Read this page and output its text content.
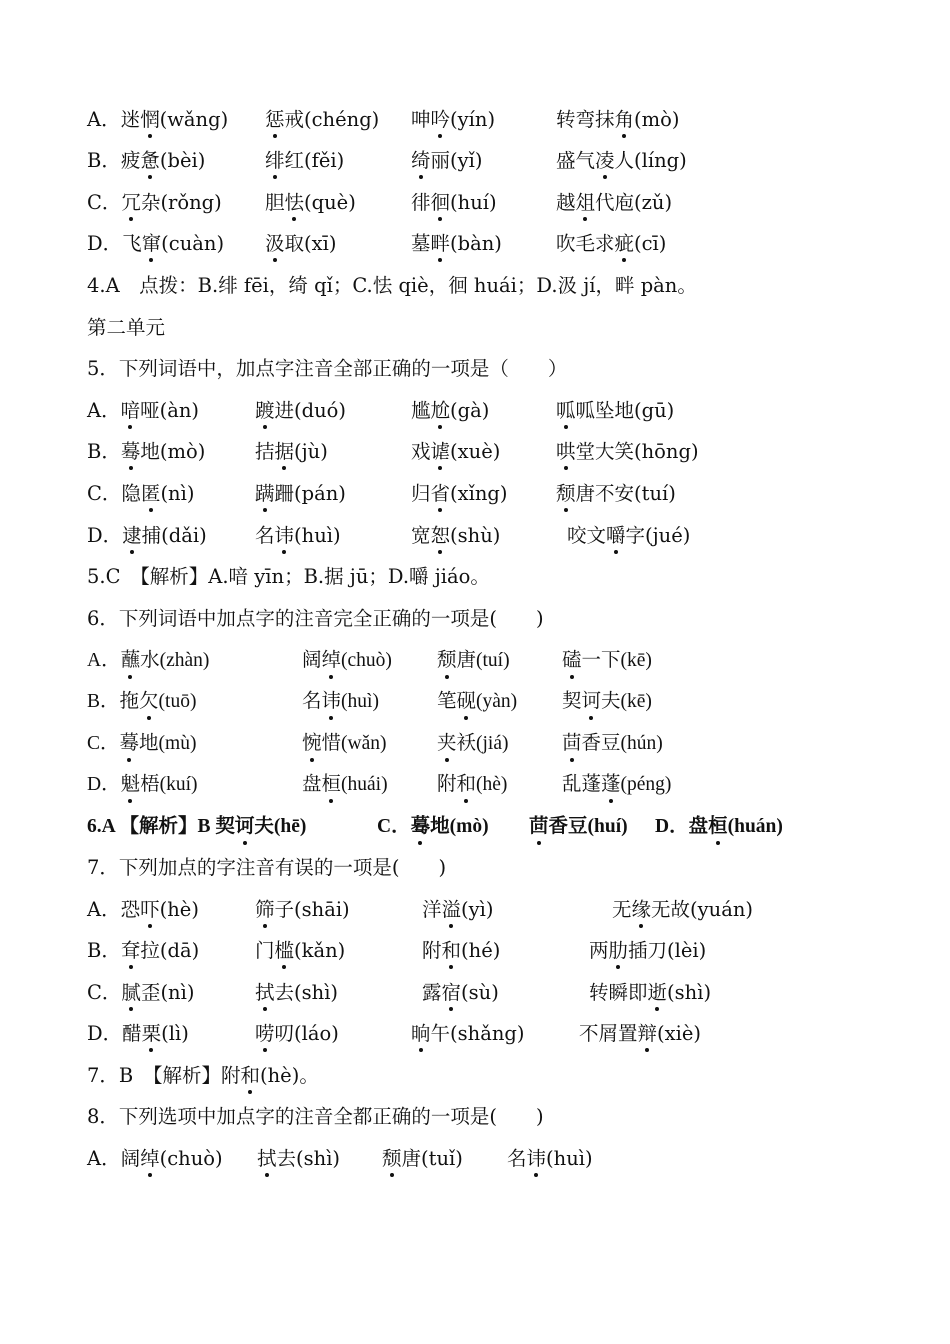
A．迷惘(wǎng) 惩戒(chéng) 呻吟(yín)	转弯抹角(mò)
B．疲惫(bèi)	绯红(fěi)	绮丽(yǐ)	盛气凌人(líng)
C．冗杂(rǒng) 胆怯(què)	徘徊(huí)	越俎代庖(zǔ)
D．飞窜(cuàn) 汲取(xī)	墓畔(bàn)	吹毛求疵(cī)
4.A　点拨：B.绯 fēi，绮 qǐ；C.怯 qiè，徊 huái；D.汲 jí，畔 pàn。
第二单元
5．下列词语中，加点字注音全部正确的一项是（　　）
A．喑哑(àn)	踱进(duó)	尴尬(gà)	呱呱坠地(gū)
B．蓦地(mò)	拮据(jù)	戏谑(xuè)	哄堂大笑(hōng)
C．隐匿(nì)	蹒跚(pán)	归省(xǐng) 颓唐不安(tuí)
D．逮捕(dǎi) 名讳(huì)	宽恕(shù)	咬文嚼字(jué)
5.C　【解析】A.喑 yīn；B.据 jū；D.嚼 jiáo。
6．下列词语中加点字的注音完全正确的一项是(　　)
A．蘸水(zhàn)	阔绰(chuò) 颓唐(tuí)	磕一下(kē)
B．拖欠(tuō)	名讳(huì)	笔砚(yàn) 契诃夫(kē)
C．蓦地(mù)	惋惜(wǎn)	夹袄(jiá)	茴香豆(hún)
D．魁梧(kuí)	盘桓(huái)	附和(hè)	乱蓬蓬(péng)
6.A 【解析】B 契诃夫(hē)	C．蓦地(mò) 茴香豆(huí) D．盘桓(huán)
7．下列加点的字注音有误的一项是(　　)
A．恐吓(hè)	筛子(shāi)	洋溢(yì)	无缘无故(yuán)
B．耷拉(dā)	门槛(kǎn)	附和(hé)	两肋插刀(lèi)
C．腻歪(nì)	拭去(shì)	露宿(sù)	转瞬即逝(shì)
D．醋栗(lì)	唠叨(láo)	晌午(shǎng)	不屑置辩(xiè)
7．B　【解析】附和(hè)。
8．下列选项中加点字的注音全都正确的一项是(　　)
A．阔绰(chuò) 拭去(shì) 颓唐(tuǐ) 名讳(huì)
